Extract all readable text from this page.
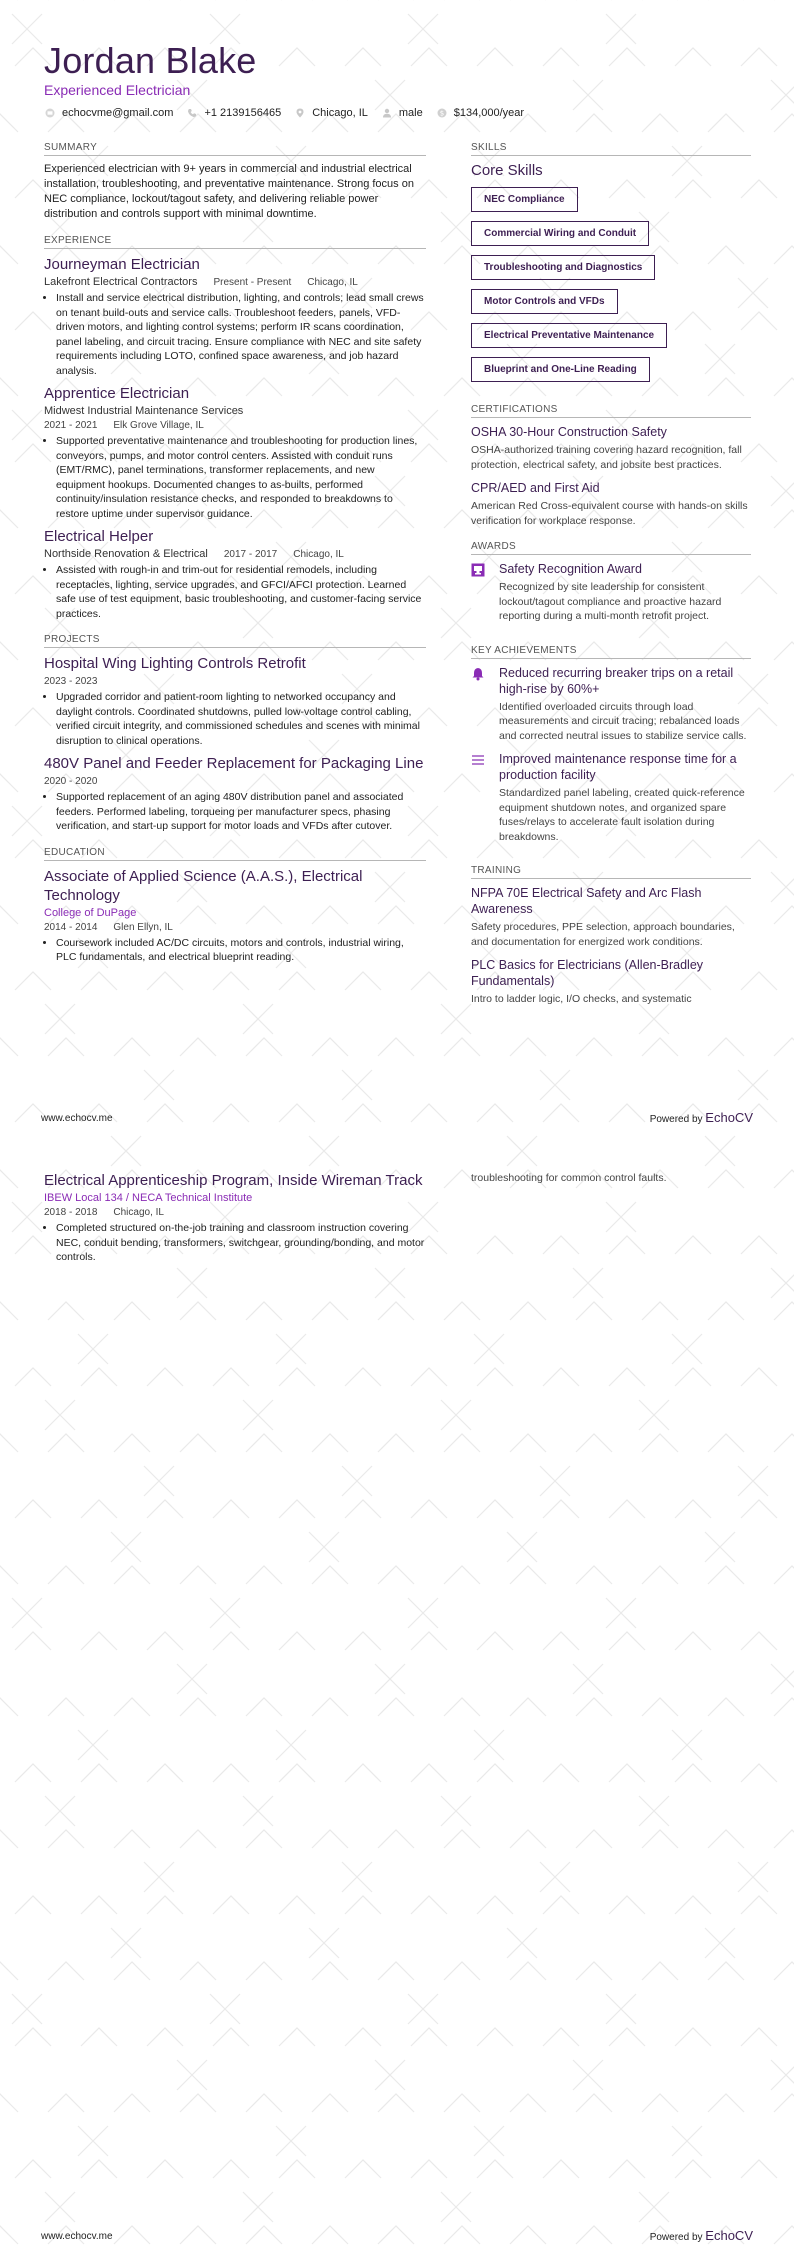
Jordan Blake
Experienced Electrician
echocvme@gmail.com	+1 2139156465	Chicago, IL	male $ $134,000/year
SUMMARY

Experienced electrician with 9+ years in commercial and industrial electrical installation, troubleshooting, and preventative maintenance. Strong focus on NEC compliance, lockout/tagout safety, and delivering reliable power distribution and controls support with minimal downtime.

EXPERIENCE
Journeyman Electrician
Lakefront Electrical Contractors Present - Present Chicago, IL
• Install and service electrical distribution, lighting, and controls; lead small crews on tenant build-outs and service calls. Troubleshoot feeders, panels, VFD-driven motors, and lighting control systems; perform IR scans coordination, panel labeling, and circuit tracing. Ensure compliance with NEC and site safety requirements including LOTO, confined space awareness, and job hazard analysis.
Apprentice Electrician
Midwest Industrial Maintenance Services
2021 - 2021 Elk Grove Village, IL
• Supported preventative maintenance and troubleshooting for production lines, conveyors, pumps, and motor control centers. Assisted with conduit runs (EMT/RMC), panel terminations, transformer replacements, and new equipment hookups. Documented changes to as-builts, performed continuity/insulation resistance checks, and responded to breakdowns to restore uptime under supervisor guidance.
Electrical Helper
Northside Renovation & Electrical 2017 - 2017 Chicago, IL
• Assisted with rough-in and trim-out for residential remodels, including receptacles, lighting, service upgrades, and GFCI/AFCI protection. Learned safe use of test equipment, basic troubleshooting, and customer-facing service practices.
PROJECTS
Hospital Wing Lighting Controls Retrofit
2023 - 2023
• Upgraded corridor and patient-room lighting to networked occupancy and daylight controls. Coordinated shutdowns, pulled low-voltage control cabling, verified circuit integrity, and commissioned schedules and scenes with minimal disruption to clinical operations.
480V Panel and Feeder Replacement for Packaging Line
2020 - 2020
• Supported replacement of an aging 480V distribution panel and associated feeders. Performed labeling, torqueing per manufacturer specs, phasing verification, and start-up support for motor loads and VFDs after cutover.
EDUCATION
Associate of Applied Science (A.A.S.), Electrical Technology
College of DuPage
2014 - 2014 Glen Ellyn, IL
• Coursework included AC/DC circuits, motors and controls, industrial wiring, PLC fundamentals, and electrical blueprint reading.
SKILLS
Core Skills
NEC Compliance
Commercial Wiring and Conduit
Troubleshooting and Diagnostics
Motor Controls and VFDs
Electrical Preventative Maintenance
Blueprint and One-Line Reading
CERTIFICATIONS
OSHA 30-Hour Construction Safety
OSHA-authorized training covering hazard recognition, fall protection, electrical safety, and jobsite best practices.
CPR/AED and First Aid
American Red Cross-equivalent course with hands-on skills verification for workplace response.
AWARDS
Safety Recognition Award
Recognized by site leadership for consistent lockout/tagout compliance and proactive hazard reporting during a multi-month retrofit project.
KEY ACHIEVEMENTS
Reduced recurring breaker trips on a retail high-rise by 60%+
Identified overloaded circuits through load measurements and circuit tracing; rebalanced loads and corrected neutral issues to stabilize service calls.
Improved maintenance response time for a production facility
Standardized panel labeling, created quick-reference equipment shutdown notes, and organized spare fuses/relays to accelerate fault isolation during breakdowns.
TRAINING
NFPA 70E Electrical Safety and Arc Flash Awareness
Safety procedures, PPE selection, approach boundaries, and documentation for energized work conditions.
PLC Basics for Electricians (Allen-Bradley Fundamentals)
Intro to ladder logic, I/O checks, and systematic
www.echocv.me	Powered by EchoCV
Electrical Apprenticeship Program, Inside Wireman Track
IBEW Local 134 / NECA Technical Institute
2018 - 2018 Chicago, IL
• Completed structured on-the-job training and classroom instruction covering NEC, conduit bending, transformers, switchgear, grounding/bonding, and motor controls.
troubleshooting for common control faults.
www.echocv.me	Powered by EchoCV
